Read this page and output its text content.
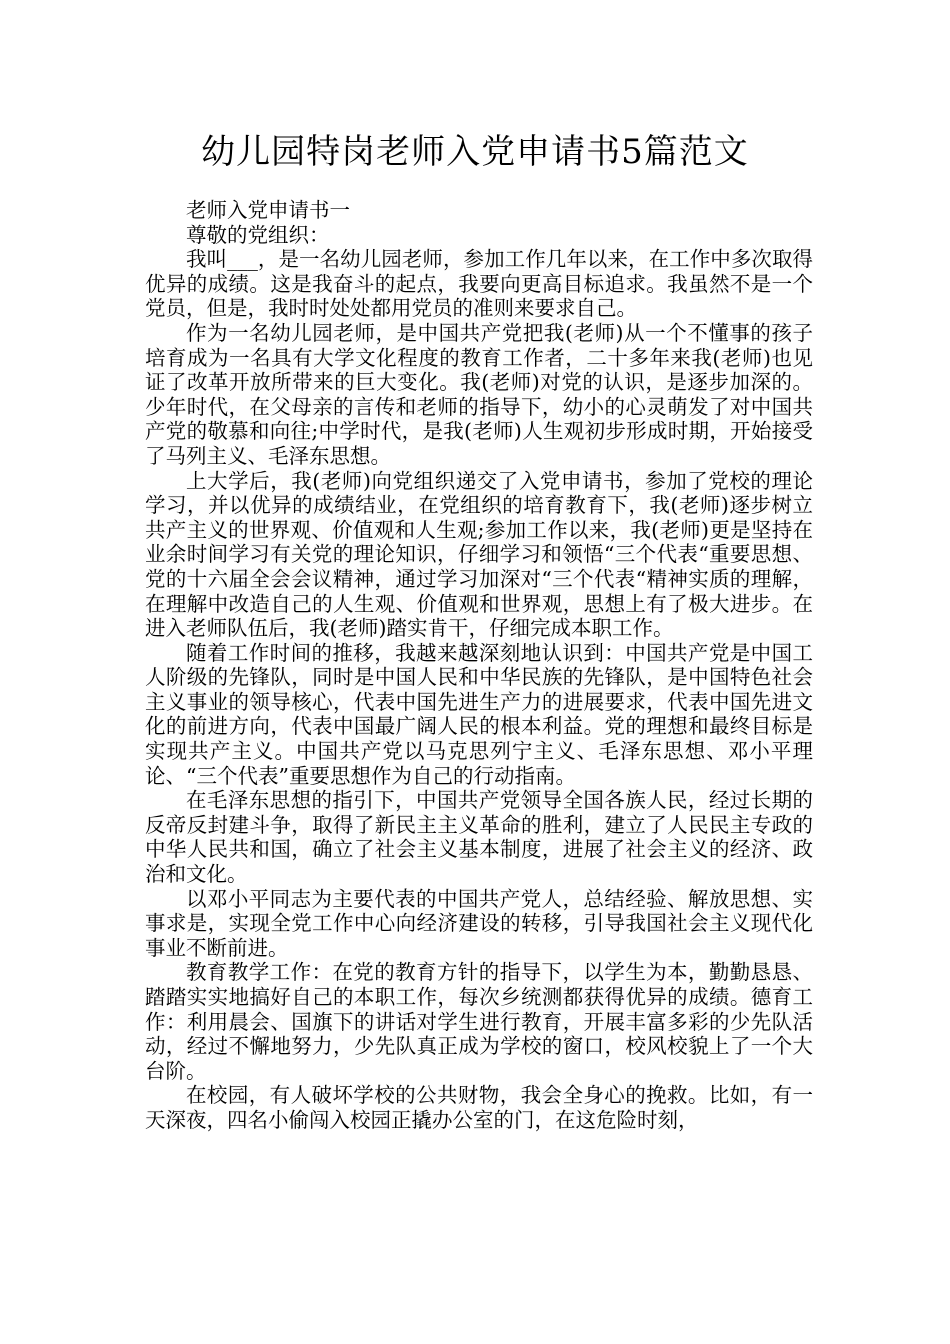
幼儿园特岗老师入党申请书5篇范文

老师入党申请书一

尊敬的党组织：

我叫___，是一名幼儿园老师，参加工作几年以来，在工作中多次取得优异的成绩。这是我奋斗的起点，我要向更高目标追求。我虽然不是一个党员，但是，我时时处处都用党员的准则来要求自己。

作为一名幼儿园老师，是中国共产党把我(老师)从一个不懂事的孩子培育成为一名具有大学文化程度的教育工作者，二十多年来我(老师)也见证了改革开放所带来的巨大变化。我(老师)对党的认识，是逐步加深的。少年时代，在父母亲的言传和老师的指导下，幼小的心灵萌发了对中国共产党的敬慕和向往;中学时代，是我(老师)人生观初步形成时期，开始接受了马列主义、毛泽东思想。

上大学后，我(老师)向党组织递交了入党申请书，参加了党校的理论学习，并以优异的成绩结业，在党组织的培育教育下，我(老师)逐步树立共产主义的世界观、价值观和人生观;参加工作以来，我(老师)更是坚持在业余时间学习有关党的理论知识，仔细学习和领悟“三个代表“重要思想、党的十六届全会会议精神，通过学习加深对“三个代表“精神实质的理解，在理解中改造自己的人生观、价值观和世界观，思想上有了极大进步。在进入老师队伍后，我(老师)踏实肯干，仔细完成本职工作。

随着工作时间的推移，我越来越深刻地认识到：中国共产党是中国工人阶级的先锋队，同时是中国人民和中华民族的先锋队，是中国特色社会主义事业的领导核心，代表中国先进生产力的进展要求，代表中国先进文化的前进方向，代表中国最广阔人民的根本利益。党的理想和最终目标是实现共产主义。中国共产党以马克思列宁主义、毛泽东思想、邓小平理论、“三个代表”重要思想作为自己的行动指南。

在毛泽东思想的指引下，中国共产党领导全国各族人民，经过长期的反帝反封建斗争，取得了新民主主义革命的胜利，建立了人民民主专政的中华人民共和国，确立了社会主义基本制度，进展了社会主义的经济、政治和文化。

以邓小平同志为主要代表的中国共产党人，总结经验、解放思想、实事求是，实现全党工作中心向经济建设的转移，引导我国社会主义现代化事业不断前进。

教育教学工作：在党的教育方针的指导下，以学生为本，勤勤恳恳、踏踏实实地搞好自己的本职工作，每次乡统测都获得优异的成绩。德育工作：利用晨会、国旗下的讲话对学生进行教育，开展丰富多彩的少先队活动，经过不懈地努力，少先队真正成为学校的窗口，校风校貌上了一个大台阶。

在校园，有人破坏学校的公共财物，我会全身心的挽救。比如，有一天深夜，四名小偷闯入校园正撬办公室的门，在这危险时刻，
